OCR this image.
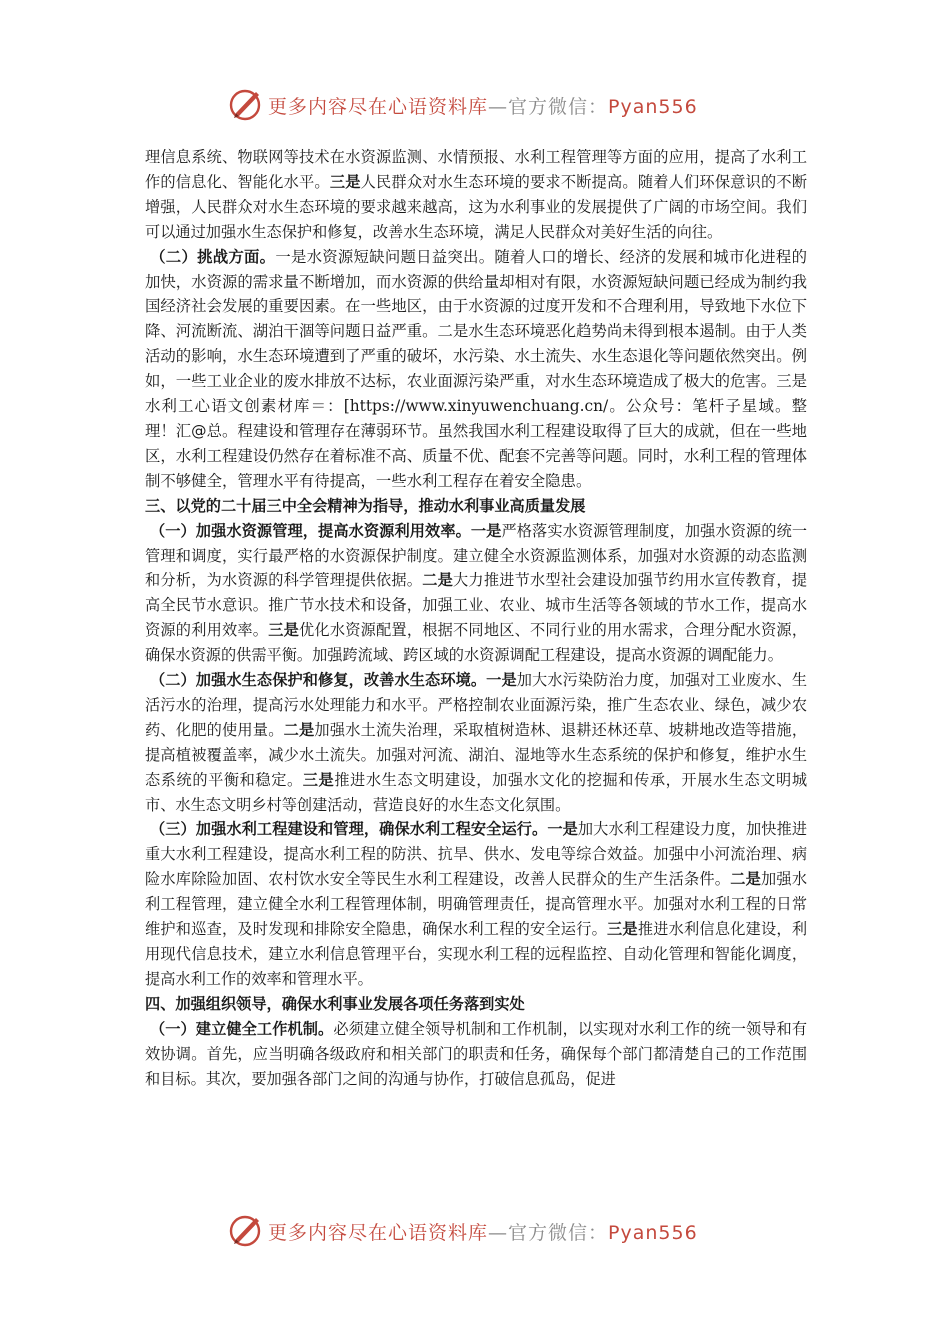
更多内容尽在心语资料库—官方微信：Pyan556

理信息系统、物联网等技术在水资源监测、水情预报、水利工程管理等方面的应用，提高了水利工作的信息化、智能化水平。三是人民群众对水生态环境的要求不断提高。随着人们环保意识的不断增强，人民群众对水生态环境的要求越来越高，这为水利事业的发展提供了广阔的市场空间。我们可以通过加强水生态保护和修复，改善水生态环境，满足人民群众对美好生活的向往。

（二）挑战方面。一是水资源短缺问题日益突出。随着人口的增长、经济的发展和城市化进程的加快，水资源的需求量不断增加，而水资源的供给量却相对有限，水资源短缺问题已经成为制约我国经济社会发展的重要因素。在一些地区，由于水资源的过度开发和不合理利用，导致地下水位下降、河流断流、湖泊干涸等问题日益严重。二是水生态环境恶化趋势尚未得到根本遏制。由于人类活动的影响，水生态环境遭到了严重的破坏，水污染、水土流失、水生态退化等问题依然突出。例如，一些工业企业的废水排放不达标，农业面源污染严重，对水生态环境造成了极大的危害。三是水利工心语文创素材库＝：[https://www.xinyuwenchuang.cn/。公众号：笔杆子星域。整理！汇@总。程建设和管理存在薄弱环节。虽然我国水利工程建设取得了巨大的成就，但在一些地区，水利工程建设仍然存在着标准不高、质量不优、配套不完善等问题。同时，水利工程的管理体制不够健全，管理水平有待提高，一些水利工程存在着安全隐患。

三、以党的二十届三中全会精神为指导，推动水利事业高质量发展

（一）加强水资源管理，提高水资源利用效率。一是严格落实水资源管理制度，加强水资源的统一管理和调度，实行最严格的水资源保护制度。建立健全水资源监测体系，加强对水资源的动态监测和分析，为水资源的科学管理提供依据。二是大力推进节水型社会建设加强节约用水宣传教育，提高全民节水意识。推广节水技术和设备，加强工业、农业、城市生活等各领域的节水工作，提高水资源的利用效率。三是优化水资源配置，根据不同地区、不同行业的用水需求，合理分配水资源，确保水资源的供需平衡。加强跨流域、跨区域的水资源调配工程建设，提高水资源的调配能力。

（二）加强水生态保护和修复，改善水生态环境。一是加大水污染防治力度，加强对工业废水、生活污水的治理，提高污水处理能力和水平。严格控制农业面源污染，推广生态农业、绿色，减少农药、化肥的使用量。二是加强水土流失治理，采取植树造林、退耕还林还草、坡耕地改造等措施，提高植被覆盖率，减少水土流失。加强对河流、湖泊、湿地等水生态系统的保护和修复，维护水生态系统的平衡和稳定。三是推进水生态文明建设，加强水文化的挖掘和传承，开展水生态文明城市、水生态文明乡村等创建活动，营造良好的水生态文化氛围。

（三）加强水利工程建设和管理，确保水利工程安全运行。一是加大水利工程建设力度，加快推进重大水利工程建设，提高水利工程的防洪、抗旱、供水、发电等综合效益。加强中小河流治理、病险水库除险加固、农村饮水安全等民生水利工程建设，改善人民群众的生产生活条件。二是加强水利工程管理，建立健全水利工程管理体制，明确管理责任，提高管理水平。加强对水利工程的日常维护和巡查，及时发现和排除安全隐患，确保水利工程的安全运行。三是推进水利信息化建设，利用现代信息技术，建立水利信息管理平台，实现水利工程的远程监控、自动化管理和智能化调度，提高水利工作的效率和管理水平。

四、加强组织领导，确保水利事业发展各项任务落到实处

（一）建立健全工作机制。必须建立健全领导机制和工作机制，以实现对水利工作的统一领导和有效协调。首先，应当明确各级政府和相关部门的职责和任务，确保每个部门都清楚自己的工作范围和目标。其次，要加强各部门之间的沟通与协作，打破信息孤岛，促进

更多内容尽在心语资料库—官方微信：Pyan556
